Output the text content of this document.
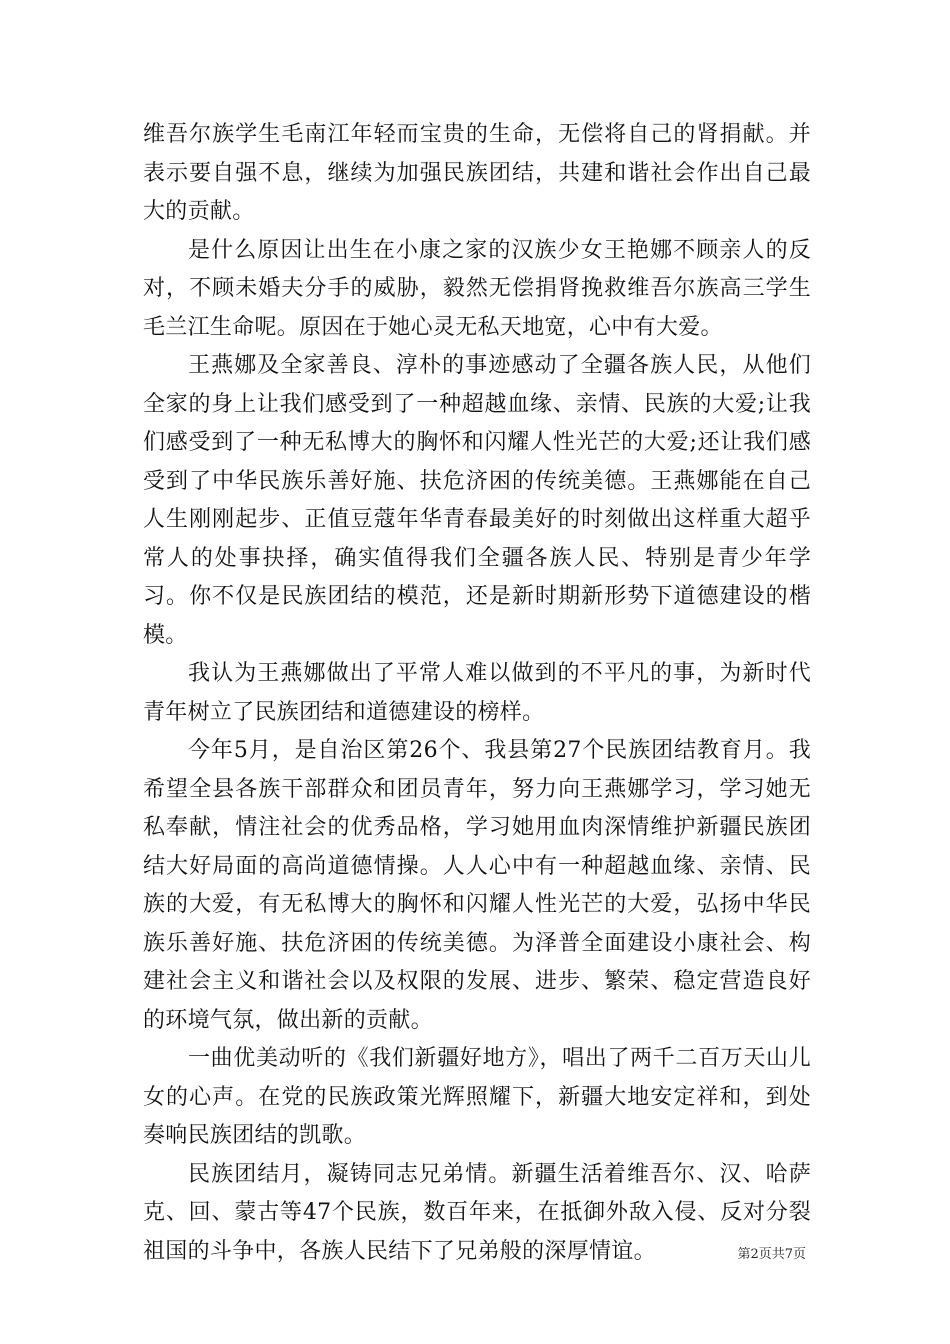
维吾尔族学生毛南江年轻而宝贵的生命，无偿将自己的肾捐献。并表示要自强不息，继续为加强民族团结，共建和谐社会作出自己最大的贡献。

是什么原因让出生在小康之家的汉族少女王艳娜不顾亲人的反对，不顾未婚夫分手的威胁，毅然无偿捐肾挽救维吾尔族高三学生毛兰江生命呢。原因在于她心灵无私天地宽，心中有大爱。

王燕娜及全家善良、淳朴的事迹感动了全疆各族人民，从他们全家的身上让我们感受到了一种超越血缘、亲情、民族的大爱;让我们感受到了一种无私博大的胸怀和闪耀人性光芒的大爱;还让我们感受到了中华民族乐善好施、扶危济困的传统美德。王燕娜能在自己人生刚刚起步、正值豆蔻年华青春最美好的时刻做出这样重大超乎常人的处事抉择，确实值得我们全疆各族人民、特别是青少年学习。你不仅是民族团结的模范，还是新时期新形势下道德建设的楷模。

我认为王燕娜做出了平常人难以做到的不平凡的事，为新时代青年树立了民族团结和道德建设的榜样。

今年5月，是自治区第26个、我县第27个民族团结教育月。我希望全县各族干部群众和团员青年，努力向王燕娜学习，学习她无私奉献，情注社会的优秀品格，学习她用血肉深情维护新疆民族团结大好局面的高尚道德情操。人人心中有一种超越血缘、亲情、民族的大爱，有无私博大的胸怀和闪耀人性光芒的大爱，弘扬中华民族乐善好施、扶危济困的传统美德。为泽普全面建设小康社会、构建社会主义和谐社会以及权限的发展、进步、繁荣、稳定营造良好的环境气氛，做出新的贡献。

一曲优美动听的《我们新疆好地方》，唱出了两千二百万天山儿女的心声。在党的民族政策光辉照耀下，新疆大地安定祥和，到处奏响民族团结的凯歌。

民族团结月，凝铸同志兄弟情。新疆生活着维吾尔、汉、哈萨克、回、蒙古等47个民族，数百年来，在抵御外敌入侵、反对分裂祖国的斗争中，各族人民结下了兄弟般的深厚情谊。	第2页共7页
